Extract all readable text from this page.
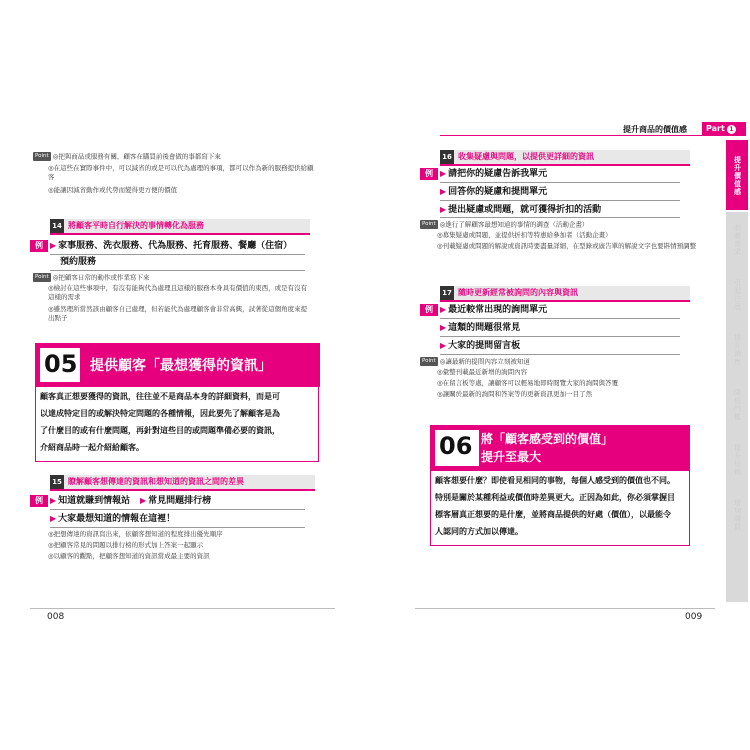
Point ◎把與商品或服務有關，顧客在購買前後會做的事都寫下來
◎在這些在實際事件中，可以減省的或是可以代為處理的事項，都可以作為新的服務提供給顧客
◎能讓因減省動作或代勞而變得更方便的價值
14 將顧客平時自行解決的事情轉化為服務
例 ▶ 家事服務、洗衣服務、代為服務、托育服務、餐廳（住宿）
預約服務
Point ◎把顧客日常的動作或作業寫下來
◎檢討在這些事項中，有沒有能夠代為處理且這樣的服務本身具有價值的東西，或是有沒有這樣的需求
◎雖然理所當然該由顧客自己處理，但若能代為處理顧客會非常高興，試著從這個角度來提出點子
05 提供顧客「最想獲得的資訊」
顧客真正想要獲得的資訊，往往並不是商品本身的詳細資料，而是可
以達成特定目的或解決特定問題的各種情報，因此要先了解顧客是為
了什麼目的或有什麼問題，再針對這些目的或問題準備必要的資訊，
介紹商品時一起介紹給顧客。
15 瞭解顧客想傳達的資訊和想知道的資訊之間的差異
例 ▶ 知道就賺到情報站 ▶ 常見問題排行榜
▶ 大家最想知道的情報在這裡！
◎把想傳達的資訊寫出來，依顧客想知道的程度排出優先順序
◎把顧客常見的問題以排行榜的形式加上答案一起顯示
◎以顧客的觀點，把顧客想知道的資訊當成最主要的資訊
008
提升商品的價值感	Part 1
提升價值感
刺激需求
引起注意
提升銷售
降低門檻
提升信賴
增加購買
16 收集疑慮與問題，以提供更詳細的資訊
例 ▶ 請把你的疑慮告訴我單元
▶ 回答你的疑慮和提問單元
▶ 提出疑慮或問題，就可獲得折扣的活動
Point ◎進行了解顧客最想知道的事情的調查（活動企畫）
◎募集疑慮或問題，並提供折扣等特惠給參加者（活動企畫）
◎刊載疑慮或問題的解說或資訊時要盡量詳細，在型錄或廣告單的解說文字也要斟情預調整
17 隨時更新經常被詢問的內容與資訊
例 ▶ 最近較常出現的詢問單元
▶ 這類的問題很常見
▶ 大家的提問留言板
Point ◎讓最新的提問內容立刻被知道
◎彙整刊載最近新增的詢問內容
◎在留言板等處，讓顧客可以輕易地即時閱覽大家的詢問與答覆
◎讓關於最新的詢問和答案等的更新資訊更加一目了然
06 將「顧客感受到的價值」
提升至最大
顧客想要什麼？即使看見相同的事物，每個人感受到的價值也不同。
特別是關於某種利益或價值時差異更大。正因為如此，你必須掌握目
標客層真正想要的是什麼，並將商品提供的好處（價值），以最能令
人認同的方式加以傳達。
009
